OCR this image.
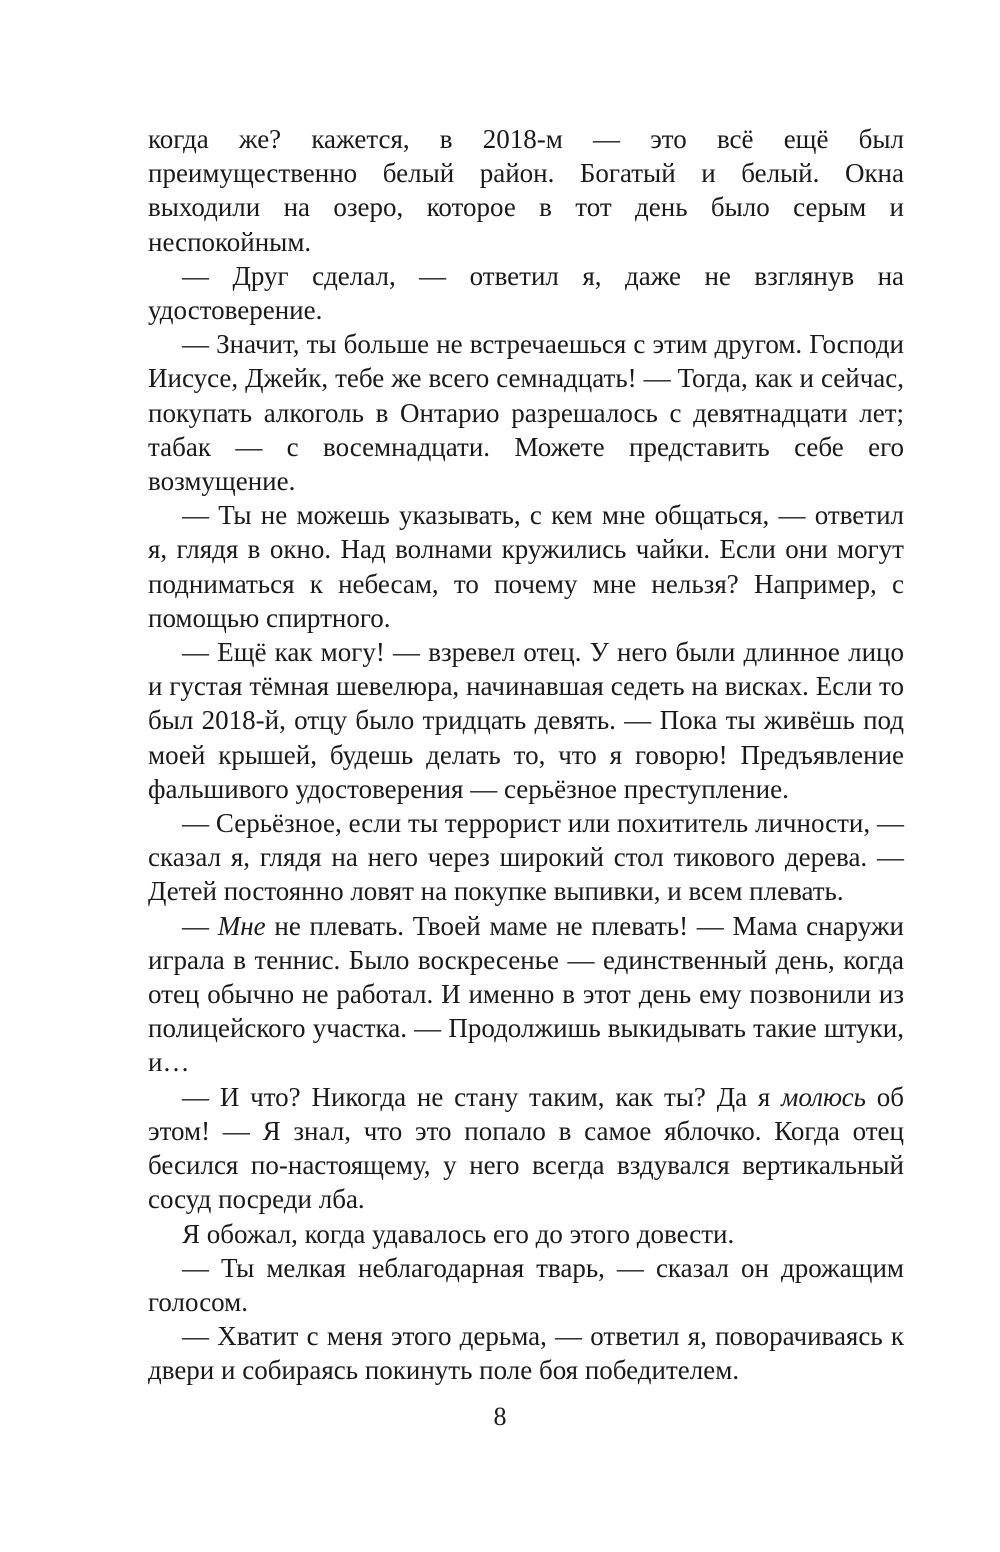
когда же? кажется, в 2018-м — это всё ещё был преимущественно белый район. Богатый и белый. Окна выходили на озеро, которое в тот день было серым и неспокойным.

— Друг сделал, — ответил я, даже не взглянув на удостоверение.

— Значит, ты больше не встречаешься с этим другом. Господи Иисусе, Джейк, тебе же всего семнадцать! — Тогда, как и сейчас, покупать алкоголь в Онтарио разрешалось с девятнадцати лет; табак — с восемнадцати. Можете представить себе его возмущение.

— Ты не можешь указывать, с кем мне общаться, — ответил я, глядя в окно. Над волнами кружились чайки. Если они могут подниматься к небесам, то почему мне нельзя? Например, с помощью спиртного.

— Ещё как могу! — взревел отец. У него были длинное лицо и густая тёмная шевелюра, начинавшая седеть на висках. Если то был 2018-й, отцу было тридцать девять. — Пока ты живёшь под моей крышей, будешь делать то, что я говорю! Предъявление фальшивого удостоверения — серьёзное преступление.

— Серьёзное, если ты террорист или похититель личности, — сказал я, глядя на него через широкий стол тикового дерева. — Детей постоянно ловят на покупке выпивки, и всем плевать.

— Мне не плевать. Твоей маме не плевать! — Мама снаружи играла в теннис. Было воскресенье — единственный день, когда отец обычно не работал. И именно в этот день ему позвонили из полицейского участка. — Продолжишь выкидывать такие штуки, и…

— И что? Никогда не стану таким, как ты? Да я молюсь об этом! — Я знал, что это попало в самое яблочко. Когда отец бесился по-настоящему, у него всегда вздувался вертикальный сосуд посреди лба.

Я обожал, когда удавалось его до этого довести.

— Ты мелкая неблагодарная тварь, — сказал он дрожащим голосом.

— Хватит с меня этого дерьма, — ответил я, поворачиваясь к двери и собираясь покинуть поле боя победителем.

8
